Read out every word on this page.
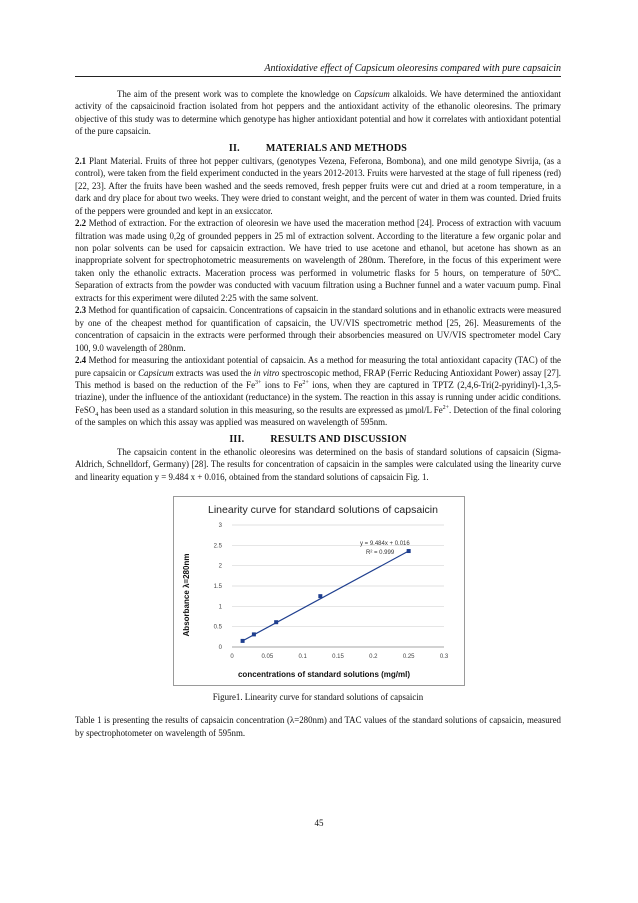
Antioxidative effect of Capsicum oleoresins compared with pure capsaicin

The aim of the present work was to complete the knowledge on Capsicum alkaloids. We have determined the antioxidant activity of the capsaicinoid fraction isolated from hot peppers and the antioxidant activity of the ethanolic oleoresins. The primary objective of this study was to determine which genotype has higher antioxidant potential and how it correlates with antioxidant potential of the pure capsaicin.

II.	MATERIALS AND METHODS

2.1 Plant Material. Fruits of three hot pepper cultivars, (genotypes Vezena, Feferona, Bombona), and one mild genotype Sivrija, (as a control), were taken from the field experiment conducted in the years 2012-2013. Fruits were harvested at the stage of full ripeness (red) [22, 23]. After the fruits have been washed and the seeds removed, fresh pepper fruits were cut and dried at a room temperature, in a dark and dry place for about two weeks. They were dried to constant weight, and the percent of water in them was counted. Dried fruits of the peppers were grounded and kept in an exsiccator.

2.2 Method of extraction. For the extraction of oleoresin we have used the maceration method [24]. Process of extraction with vacuum filtration was made using 0,2g of grounded peppers in 25 ml of extraction solvent. According to the literature a few organic polar and non polar solvents can be used for capsaicin extraction. We have tried to use acetone and ethanol, but acetone has shown as an inappropriate solvent for spectrophotometric measurements on wavelength of 280nm. Therefore, in the focus of this experiment were taken only the ethanolic extracts. Maceration process was performed in volumetric flasks for 5 hours, on temperature of 50ºC. Separation of extracts from the powder was conducted with vacuum filtration using a Buchner funnel and a water vacuum pump. Final extracts for this experiment were diluted 2:25 with the same solvent.

2.3 Method for quantification of capsaicin. Concentrations of capsaicin in the standard solutions and in ethanolic extracts were measured by one of the cheapest method for quantification of capsaicin, the UV/VIS spectrometric method [25, 26]. Measurements of the concentration of capsaicin in the extracts were performed through their absorbencies measured on UV/VIS spectrometer model Cary 100, 9.0 wavelength of 280nm.

2.4 Method for measuring the antioxidant potential of capsaicin. As a method for measuring the total antioxidant capacity (TAC) of the pure capsaicin or Capsicum extracts was used the in vitro spectroscopic method, FRAP (Ferric Reducing Antioxidant Power) assay [27]. This method is based on the reduction of the $Fe^{3+}$ ions to $Fe^{2+}$ ions, when they are captured in TPTZ (2,4,6-Tri(2-pyridinyl)-1,3,5-triazine), under the influence of the antioxidant (reductance) in the system. The reaction in this assay is running under acidic conditions. FeSO$_4$ has been used as a standard solution in this measuring, so the results are expressed as µmol/L $Fe^{2+}$. Detection of the final coloring of the samples on which this assay was applied was measured on wavelength of 595nm.

III.	RESULTS AND DISCUSSION

The capsaicin content in the ethanolic oleoresins was determined on the basis of standard solutions of capsaicin (Sigma-Aldrich, Schnelldorf, Germany) [28]. The results for concentration of capsaicin in the samples were calculated using the linearity curve and linearity equation y = 9.484 x + 0.016, obtained from the standard solutions of capsaicin Fig. 1.

Linearity curve for standard solutions of capsaicin
0
0.5
1
1.5
2
2.5
3
0	0.05	0.1	0.15	0.2	0.25	0.3
y = 9.484x + 0.016
R² = 0.999
Absorbance λ=280nm
concentrations of standard solutions (mg/ml)
Figure1. Linearity curve for standard solutions of capsaicin

Table 1 is presenting the results of capsaicin concentration (λ=280nm) and TAC values of the standard solutions of capsaicin, measured by spectrophotometer on wavelength of 595nm.

45
